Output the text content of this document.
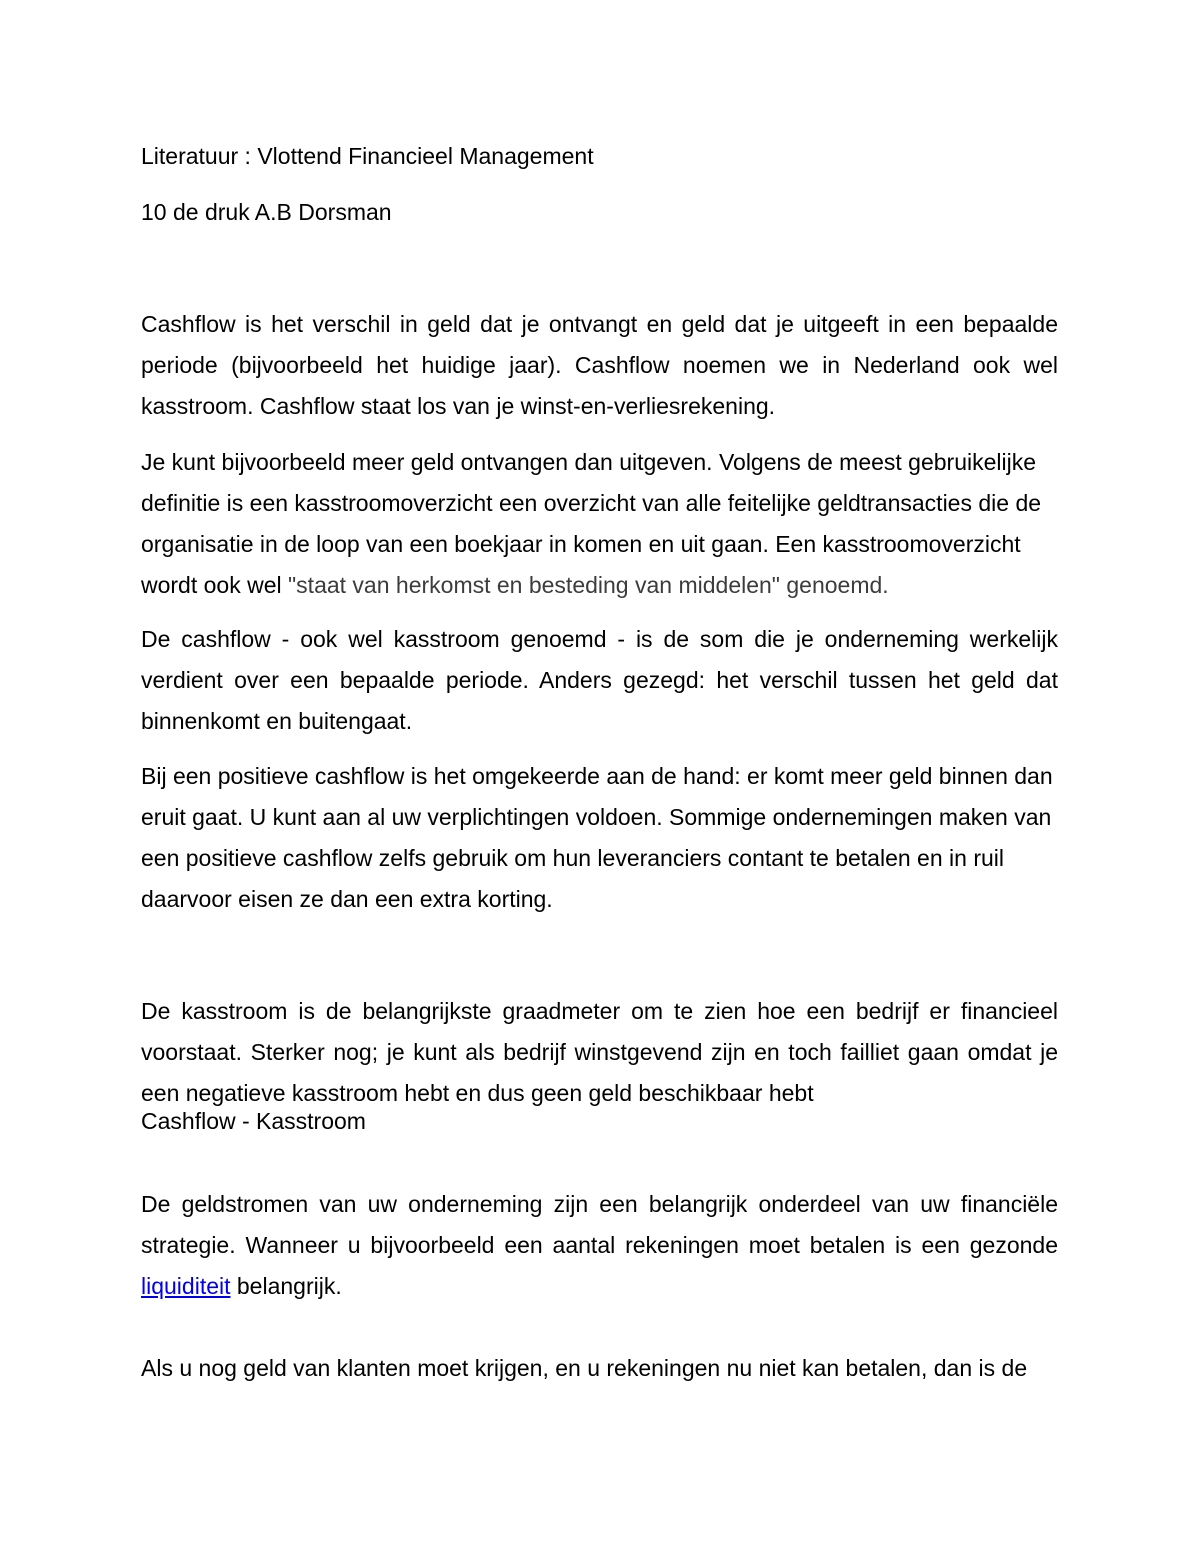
Literatuur : Vlottend Financieel Management

10 de druk A.B Dorsman

Cashflow is het verschil in geld dat je ontvangt en geld dat je uitgeeft in een bepaalde periode (bijvoorbeeld het huidige jaar). Cashflow noemen we in Nederland ook wel kasstroom. Cashflow staat los van je winst-en-verliesrekening.

Je kunt bijvoorbeeld meer geld ontvangen dan uitgeven. Volgens de meest gebruikelijke definitie is een kasstroomoverzicht een overzicht van alle feitelijke geldtransacties die de organisatie in de loop van een boekjaar in komen en uit gaan. Een kasstroomoverzicht wordt ook wel "staat van herkomst en besteding van middelen" genoemd.

De cashflow - ook wel kasstroom genoemd - is de som die je onderneming werkelijk verdient over een bepaalde periode. Anders gezegd: het verschil tussen het geld dat binnenkomt en buitengaat.

Bij een positieve cashflow is het omgekeerde aan de hand: er komt meer geld binnen dan eruit gaat. U kunt aan al uw verplichtingen voldoen. Sommige ondernemingen maken van een positieve cashflow zelfs gebruik om hun leveranciers contant te betalen en in ruil daarvoor eisen ze dan een extra korting.

De kasstroom is de belangrijkste graadmeter om te zien hoe een bedrijf er financieel voorstaat. Sterker nog; je kunt als bedrijf winstgevend zijn en toch failliet gaan omdat je een negatieve kasstroom hebt en dus geen geld beschikbaar hebt

Cashflow - Kasstroom

De geldstromen van uw onderneming zijn een belangrijk onderdeel van uw financiële strategie. Wanneer u bijvoorbeeld een aantal rekeningen moet betalen is een gezonde liquiditeit belangrijk.

Als u nog geld van klanten moet krijgen, en u rekeningen nu niet kan betalen, dan is de
